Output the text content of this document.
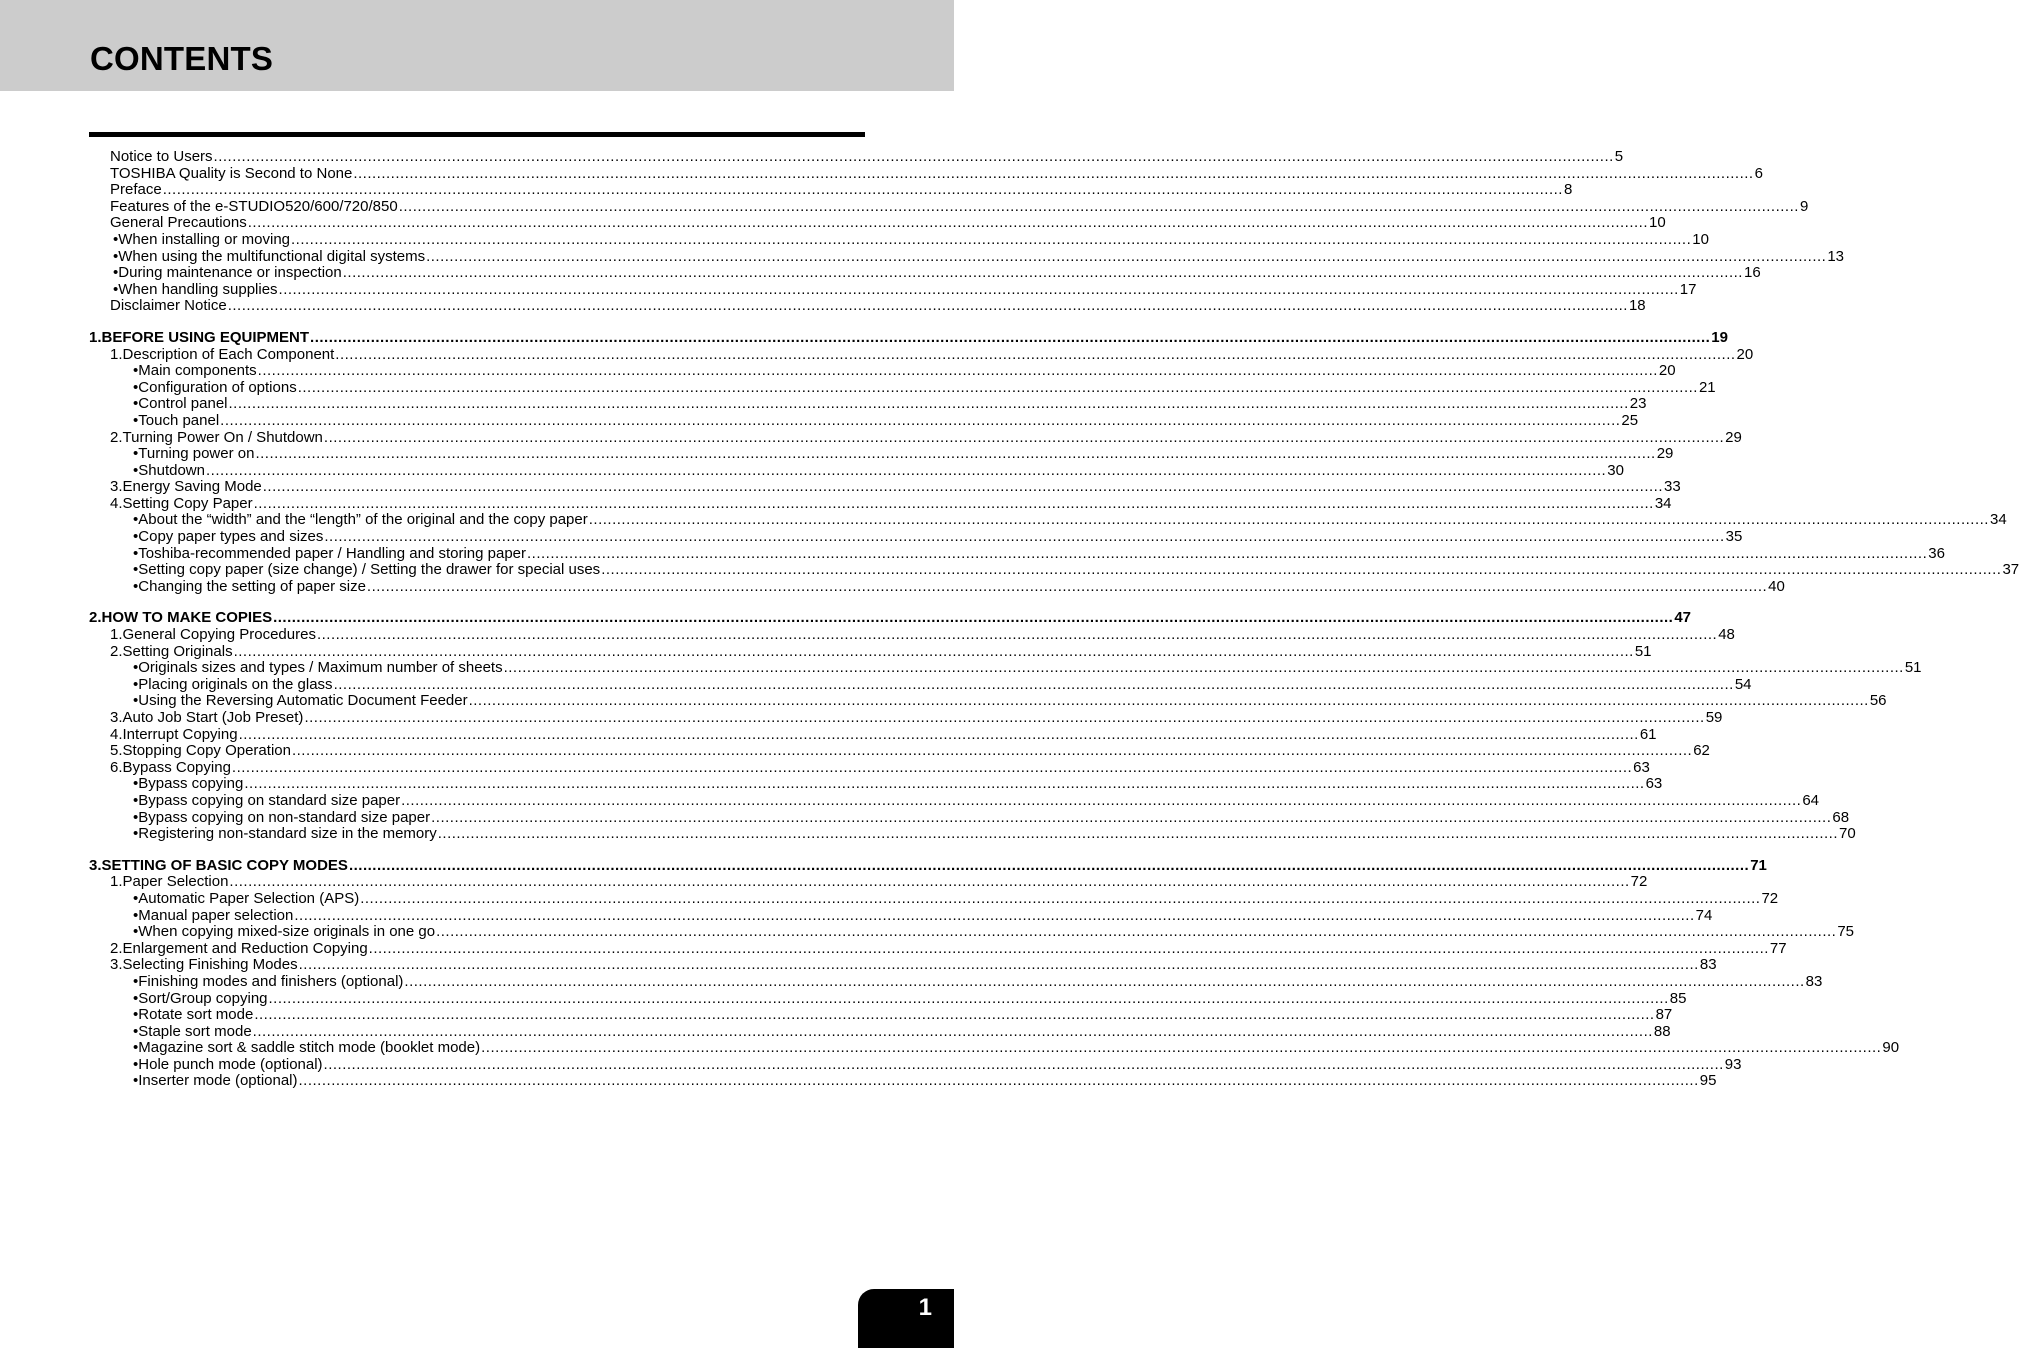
CONTENTS
Notice to Users ............................................................................................................................................................................................................................................................................................................ 5
TOSHIBA Quality is Second to None ............................................................................................................................................................................................................................................................................................................ 6
Preface ............................................................................................................................................................................................................................................................................................................ 8
Features of the e-STUDIO520/600/720/850 ............................................................................................................................................................................................................................................................................................................ 9
General Precautions ............................................................................................................................................................................................................................................................................................................ 10
• When installing or moving ............................................................................................................................................................................................................................................................................................................ 10
• When using the multifunctional digital systems ............................................................................................................................................................................................................................................................................................................ 13
• During maintenance or inspection ............................................................................................................................................................................................................................................................................................................ 16
• When handling supplies ............................................................................................................................................................................................................................................................................................................ 17
Disclaimer Notice ............................................................................................................................................................................................................................................................................................................ 18
1. BEFORE USING EQUIPMENT ............................................................................................................................................................................................................................................................................................................ 19
1. Description of Each Component ............................................................................................................................................................................................................................................................................................................ 20
• Main components ............................................................................................................................................................................................................................................................................................................ 20
• Configuration of options ............................................................................................................................................................................................................................................................................................................ 21
• Control panel ............................................................................................................................................................................................................................................................................................................ 23
• Touch panel ............................................................................................................................................................................................................................................................................................................ 25
2. Turning Power On / Shutdown ............................................................................................................................................................................................................................................................................................................ 29
• Turning power on ............................................................................................................................................................................................................................................................................................................ 29
• Shutdown ............................................................................................................................................................................................................................................................................................................ 30
3. Energy Saving Mode ............................................................................................................................................................................................................................................................................................................ 33
4. Setting Copy Paper ............................................................................................................................................................................................................................................................................................................ 34
• About the “width” and the “length” of the original and the copy paper ............................................................................................................................................................................................................................................................................................................ 34
• Copy paper types and sizes ............................................................................................................................................................................................................................................................................................................ 35
• Toshiba-recommended paper / Handling and storing paper ............................................................................................................................................................................................................................................................................................................ 36
• Setting copy paper (size change) / Setting the drawer for special uses ............................................................................................................................................................................................................................................................................................................ 37
• Changing the setting of paper size ............................................................................................................................................................................................................................................................................................................ 40
2. HOW TO MAKE COPIES ............................................................................................................................................................................................................................................................................................................ 47
1. General Copying Procedures ............................................................................................................................................................................................................................................................................................................ 48
2. Setting Originals ............................................................................................................................................................................................................................................................................................................ 51
• Originals sizes and types / Maximum number of sheets ............................................................................................................................................................................................................................................................................................................ 51
• Placing originals on the glass ............................................................................................................................................................................................................................................................................................................ 54
• Using the Reversing Automatic Document Feeder ............................................................................................................................................................................................................................................................................................................ 56
3. Auto Job Start (Job Preset) ............................................................................................................................................................................................................................................................................................................ 59
4. Interrupt Copying ............................................................................................................................................................................................................................................................................................................ 61
5. Stopping Copy Operation ............................................................................................................................................................................................................................................................................................................ 62
6. Bypass Copying ............................................................................................................................................................................................................................................................................................................ 63
• Bypass copying ............................................................................................................................................................................................................................................................................................................ 63
• Bypass copying on standard size paper ............................................................................................................................................................................................................................................................................................................ 64
• Bypass copying on non-standard size paper ............................................................................................................................................................................................................................................................................................................ 68
• Registering non-standard size in the memory ............................................................................................................................................................................................................................................................................................................ 70
3. SETTING OF BASIC COPY MODES ............................................................................................................................................................................................................................................................................................................ 71
1. Paper Selection ............................................................................................................................................................................................................................................................................................................ 72
• Automatic Paper Selection (APS) ............................................................................................................................................................................................................................................................................................................ 72
• Manual paper selection ............................................................................................................................................................................................................................................................................................................ 74
• When copying mixed-size originals in one go ............................................................................................................................................................................................................................................................................................................ 75
2. Enlargement and Reduction Copying ............................................................................................................................................................................................................................................................................................................ 77
3. Selecting Finishing Modes ............................................................................................................................................................................................................................................................................................................ 83
• Finishing modes and finishers (optional) ............................................................................................................................................................................................................................................................................................................ 83
• Sort/Group copying ............................................................................................................................................................................................................................................................................................................ 85
• Rotate sort mode ............................................................................................................................................................................................................................................................................................................ 87
• Staple sort mode ............................................................................................................................................................................................................................................................................................................ 88
• Magazine sort & saddle stitch mode (booklet mode) ............................................................................................................................................................................................................................................................................................................ 90
• Hole punch mode (optional) ............................................................................................................................................................................................................................................................................................................ 93
• Inserter mode (optional) ............................................................................................................................................................................................................................................................................................................ 95
1
